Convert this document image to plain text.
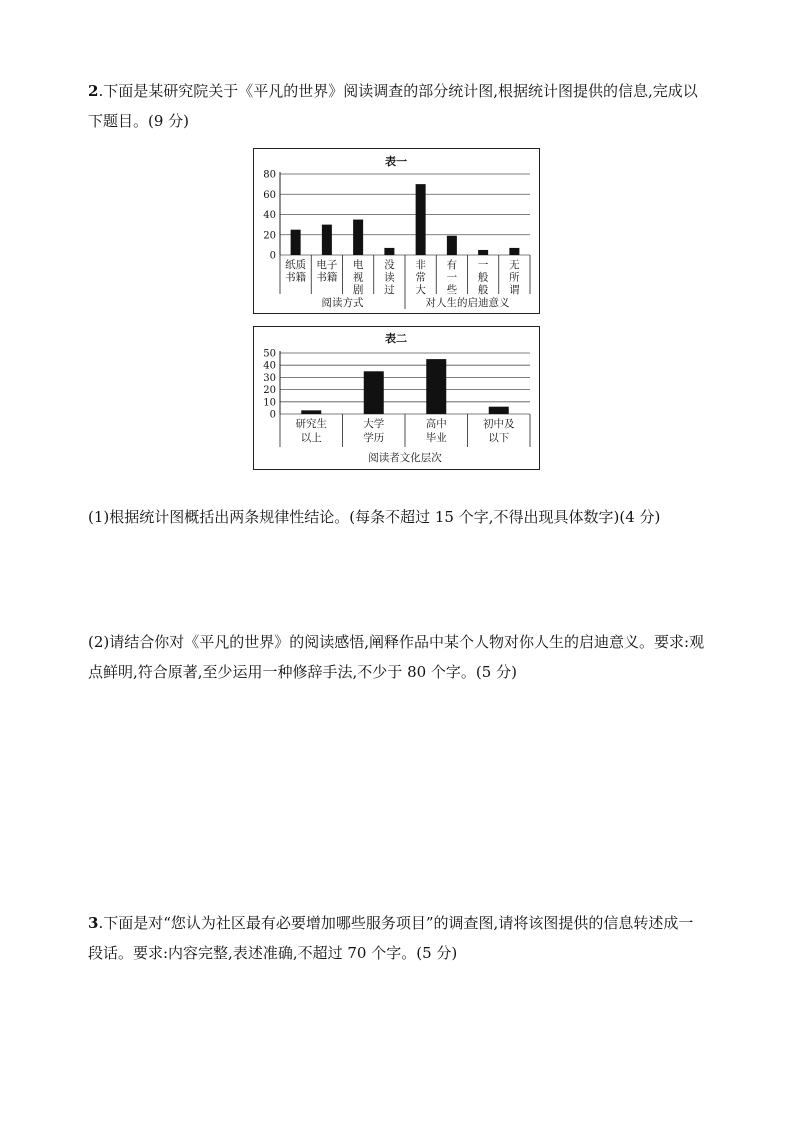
2.下面是某研究院关于《平凡的世界》阅读调查的部分统计图,根据统计图提供的信息,完成以下题目。(9 分)
表一
0
20
40
60
80
纸质
书籍
电子
书籍
电
视
剧
没
读
过
非
常
大
有
一
些
一
般
般
无
所
谓
阅读方式	对人生的启迪意义
表二
0
10
20
30
40
50
研究生
以上
大学
学历
高中
毕业
初中及
以下
阅读者文化层次
(1)根据统计图概括出两条规律性结论。(每条不超过 15 个字,不得出现具体数字)(4 分)
(2)请结合你对《平凡的世界》的阅读感悟,阐释作品中某个人物对你人生的启迪意义。要求:观点鲜明,符合原著,至少运用一种修辞手法,不少于 80 个字。(5 分)
3.下面是对“您认为社区最有必要增加哪些服务项目”的调查图,请将该图提供的信息转述成一段话。要求:内容完整,表述准确,不超过 70 个字。(5 分)
